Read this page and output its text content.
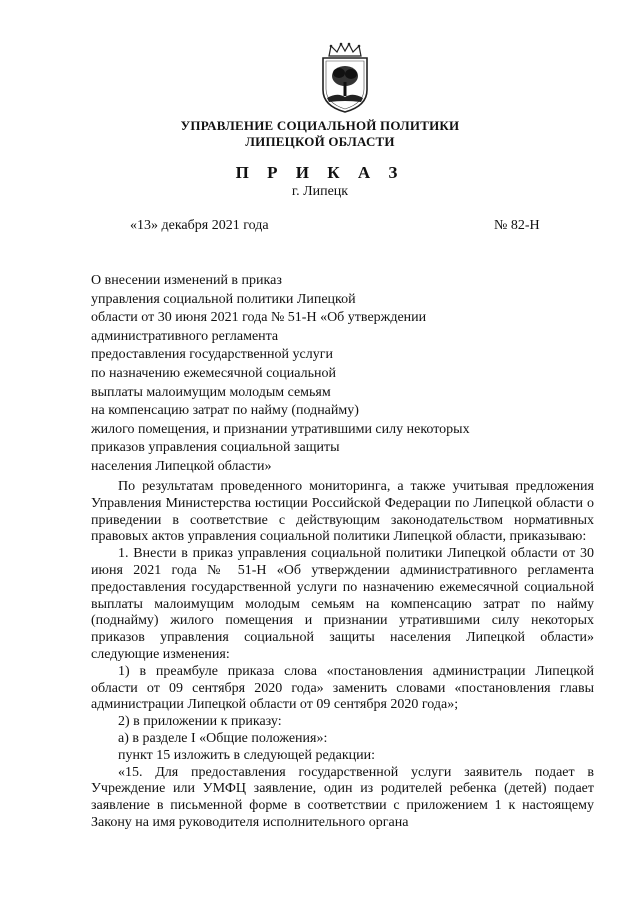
УПРАВЛЕНИЕ СОЦИАЛЬНОЙ ПОЛИТИКИ
ЛИПЕЦКОЙ ОБЛАСТИ
П Р И К А З
г. Липецк
«13» декабря 2021 года	№ 82-Н
О внесении изменений в приказ
управления социальной политики Липецкой
области от 30 июня 2021 года № 51-Н «Об утверждении
административного регламента
предоставления государственной услуги
по назначению ежемесячной социальной
выплаты малоимущим молодым семьям
на компенсацию затрат по найму (поднайму)
жилого помещения, и признании утратившими силу некоторых
приказов управления социальной защиты
населения Липецкой области»

По результатам проведенного мониторинга, а также учитывая предложения Управления Министерства юстиции Российской Федерации по Липецкой области о приведении в соответствие с действующим законодательством нормативных правовых актов управления социальной политики Липецкой области, приказываю:

1. Внести в приказ управления социальной политики Липецкой области от 30 июня 2021 года № 51-Н «Об утверждении административного регламента предоставления государственной услуги по назначению ежемесячной социальной выплаты малоимущим молодым семьям на компенсацию затрат по найму (поднайму) жилого помещения и признании утратившими силу некоторых приказов управления социальной защиты населения Липецкой области» следующие изменения:

1) в преамбуле приказа слова «постановления администрации Липецкой области от 09 сентября 2020 года» заменить словами «постановления главы администрации Липецкой области от 09 сентября 2020 года»;

2) в приложении к приказу:

а) в разделе I «Общие положения»:

пункт 15 изложить в следующей редакции:

«15. Для предоставления государственной услуги заявитель подает в Учреждение или УМФЦ заявление, один из родителей ребенка (детей) подает заявление в письменной форме в соответствии с приложением 1 к настоящему Закону на имя руководителя исполнительного органа
